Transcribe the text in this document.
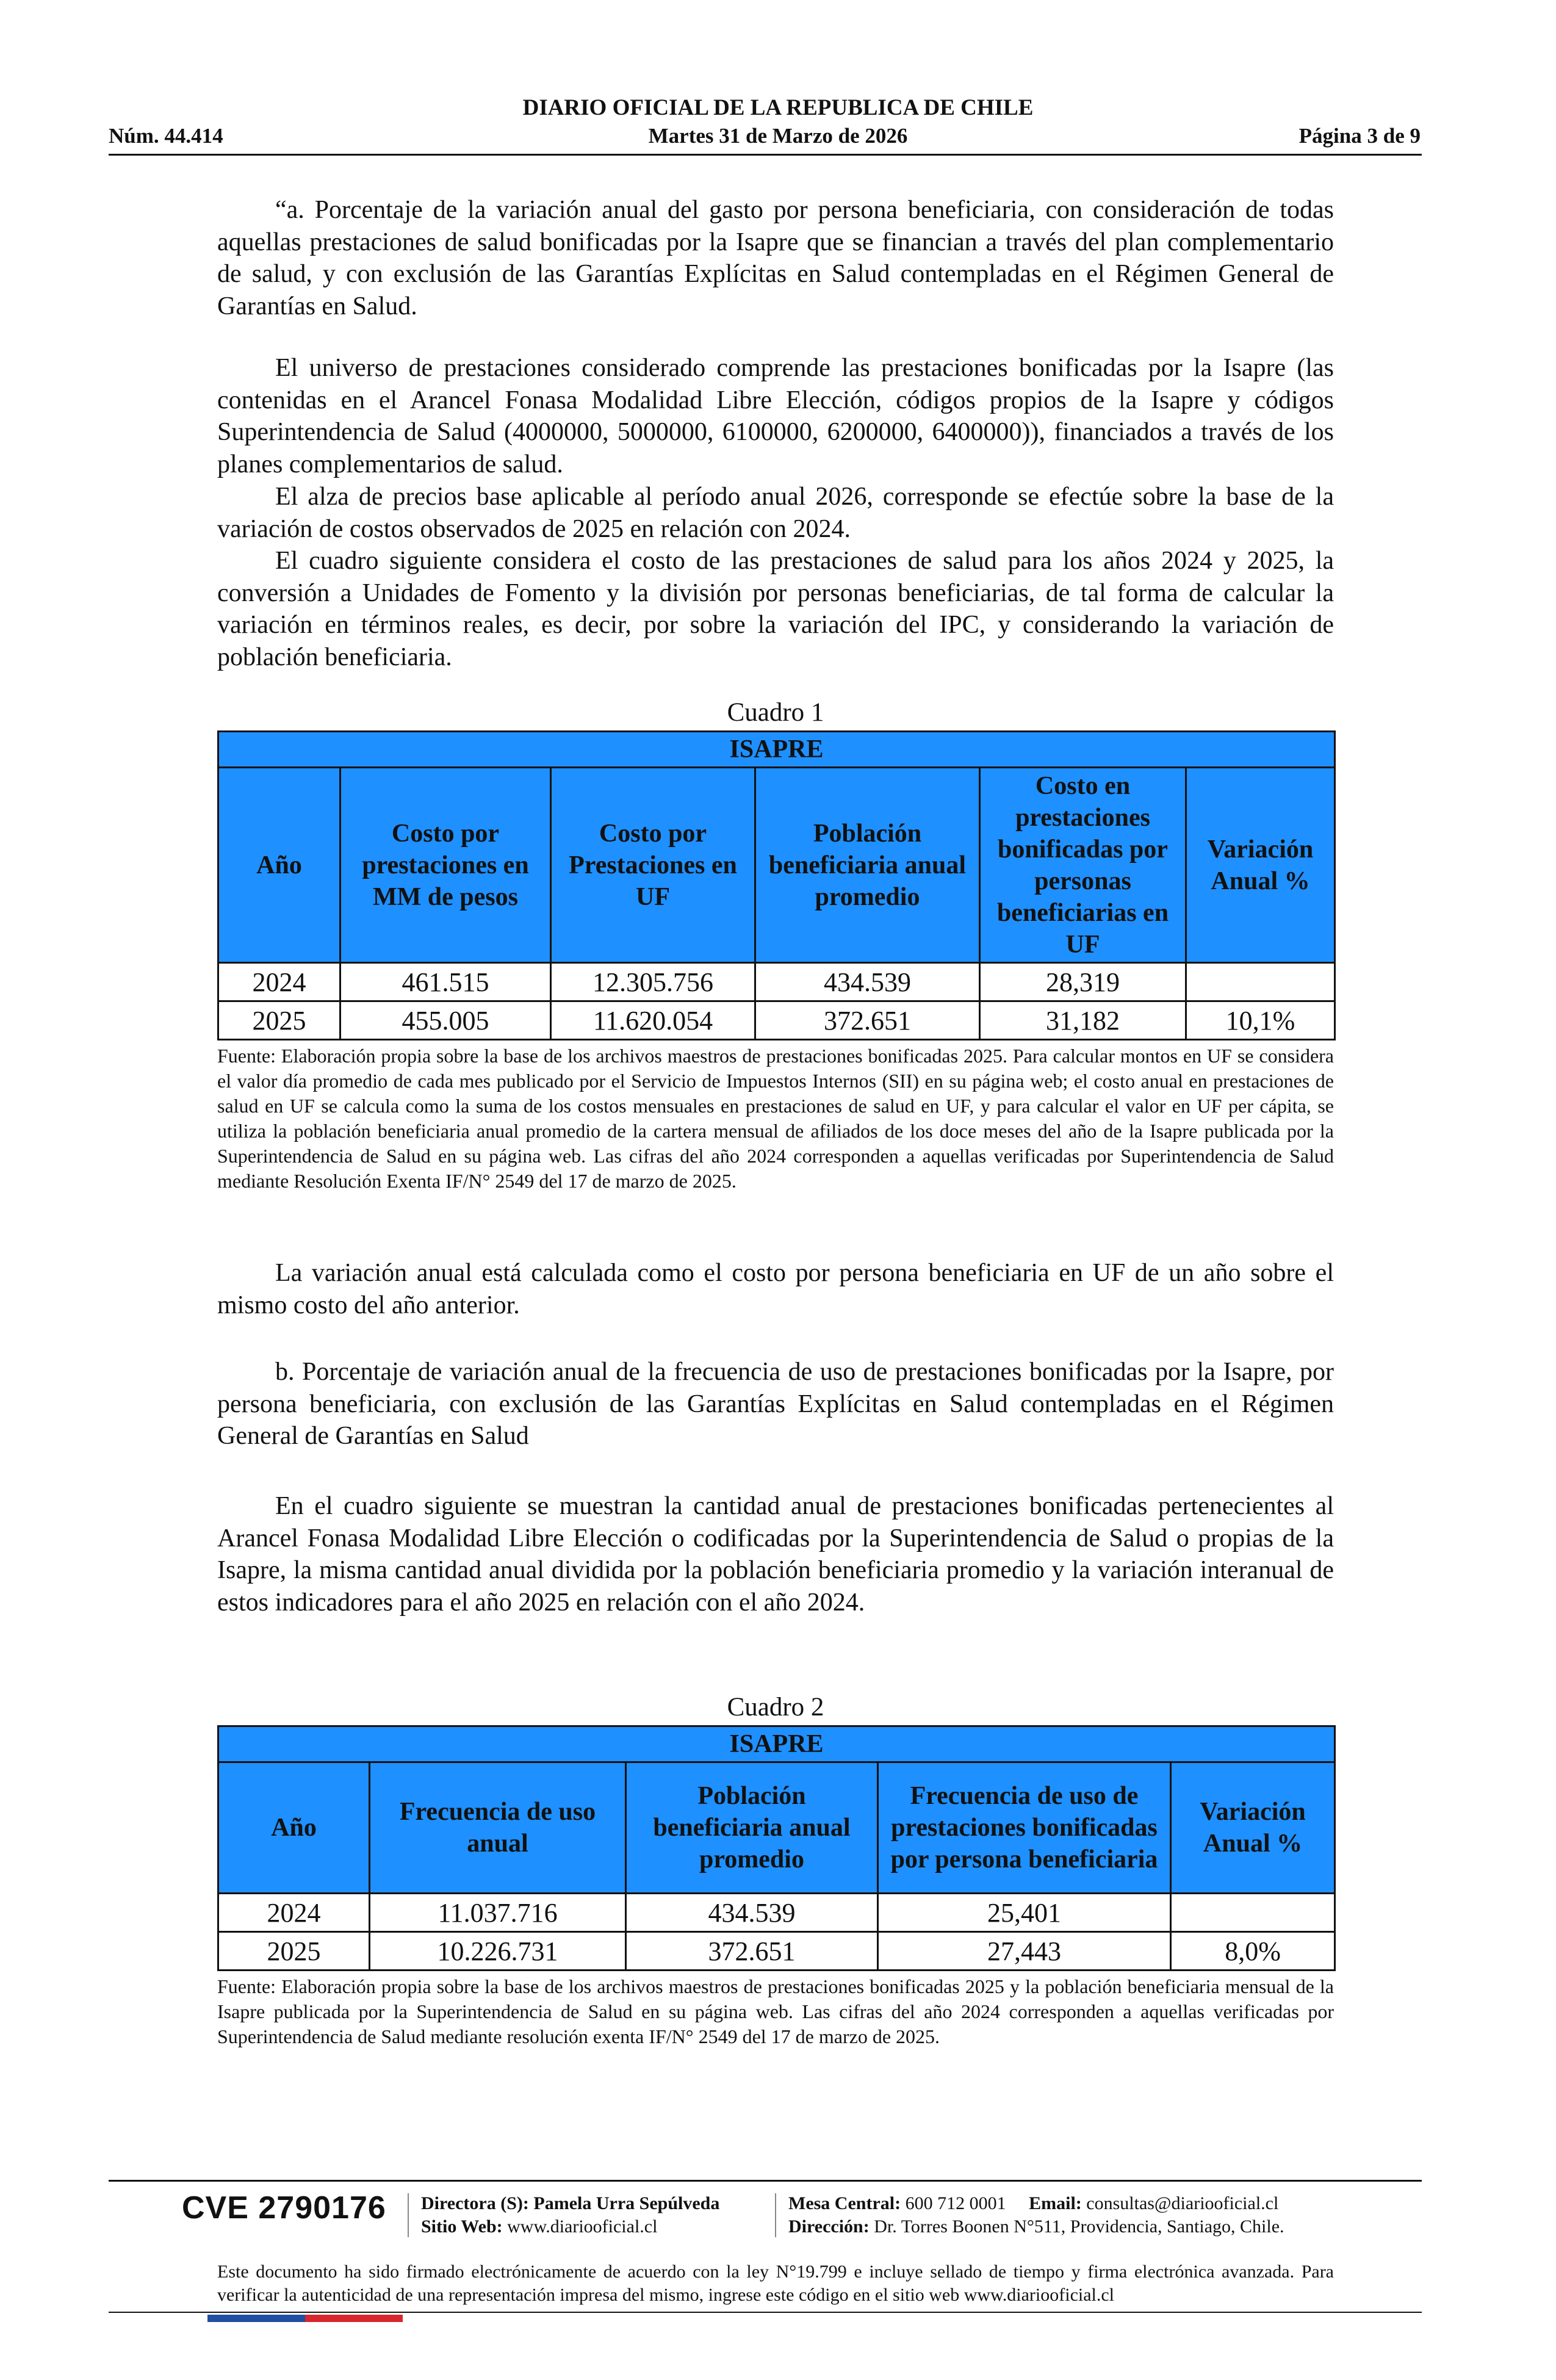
DIARIO OFICIAL DE LA REPUBLICA DE CHILE
Núm. 44.414	Martes 31 de Marzo de 2026	Página 3 de 9
“a. Porcentaje de la variación anual del gasto por persona beneficiaria, con consideración de todas aquellas prestaciones de salud bonificadas por la Isapre que se financian a través del plan complementario de salud, y con exclusión de las Garantías Explícitas en Salud contempladas en el Régimen General de Garantías en Salud.
El universo de prestaciones considerado comprende las prestaciones bonificadas por la Isapre (las contenidas en el Arancel Fonasa Modalidad Libre Elección, códigos propios de la Isapre y códigos Superintendencia de Salud (4000000, 5000000, 6100000, 6200000, 6400000)), financiados a través de los planes complementarios de salud.
El alza de precios base aplicable al período anual 2026, corresponde se efectúe sobre la base de la variación de costos observados de 2025 en relación con 2024.
El cuadro siguiente considera el costo de las prestaciones de salud para los años 2024 y 2025, la conversión a Unidades de Fomento y la división por personas beneficiarias, de tal forma de calcular la variación en términos reales, es decir, por sobre la variación del IPC, y considerando la variación de población beneficiaria.
Cuadro 1
ISAPRE					
Año	Costo por prestaciones en MM de pesos	Costo por Prestaciones en UF	Población beneficiaria anual promedio	Costo en prestaciones bonificadas por personas beneficiarias en UF	Variación Anual %
2024	461.515	12.305.756	434.539	28,319	
2025	455.005	11.620.054	372.651	31,182	10,1%
Fuente: Elaboración propia sobre la base de los archivos maestros de prestaciones bonificadas 2025. Para calcular montos en UF se considera el valor día promedio de cada mes publicado por el Servicio de Impuestos Internos (SII) en su página web; el costo anual en prestaciones de salud en UF se calcula como la suma de los costos mensuales en prestaciones de salud en UF, y para calcular el valor en UF per cápita, se utiliza la población beneficiaria anual promedio de la cartera mensual de afiliados de los doce meses del año de la Isapre publicada por la Superintendencia de Salud en su página web. Las cifras del año 2024 corresponden a aquellas verificadas por Superintendencia de Salud mediante Resolución Exenta IF/N° 2549 del 17 de marzo de 2025.
La variación anual está calculada como el costo por persona beneficiaria en UF de un año sobre el mismo costo del año anterior.
b. Porcentaje de variación anual de la frecuencia de uso de prestaciones bonificadas por la Isapre, por persona beneficiaria, con exclusión de las Garantías Explícitas en Salud contempladas en el Régimen General de Garantías en Salud
En el cuadro siguiente se muestran la cantidad anual de prestaciones bonificadas pertenecientes al Arancel Fonasa Modalidad Libre Elección o codificadas por la Superintendencia de Salud o propias de la Isapre, la misma cantidad anual dividida por la población beneficiaria promedio y la variación interanual de estos indicadores para el año 2025 en relación con el año 2024.
Cuadro 2
ISAPRE				
Año	Frecuencia de uso anual	Población beneficiaria anual promedio	Frecuencia de uso de prestaciones bonificadas por persona beneficiaria	Variación Anual %
2024	11.037.716	434.539	25,401	
2025	10.226.731	372.651	27,443	8,0%
Fuente: Elaboración propia sobre la base de los archivos maestros de prestaciones bonificadas 2025 y la población beneficiaria mensual de la Isapre publicada por la Superintendencia de Salud en su página web. Las cifras del año 2024 corresponden a aquellas verificadas por Superintendencia de Salud mediante resolución exenta IF/N° 2549 del 17 de marzo de 2025.
CVE 2790176 Directora (S): Pamela Urra Sepúlveda
Sitio Web: www.diariooficial.cl
Mesa Central: 600 712 0001 Email: consultas@diariooficial.cl
Dirección: Dr. Torres Boonen N°511, Providencia, Santiago, Chile.
Este documento ha sido firmado electrónicamente de acuerdo con la ley N°19.799 e incluye sellado de tiempo y firma electrónica avanzada. Para verificar la autenticidad de una representación impresa del mismo, ingrese este código en el sitio web www.diariooficial.cl
